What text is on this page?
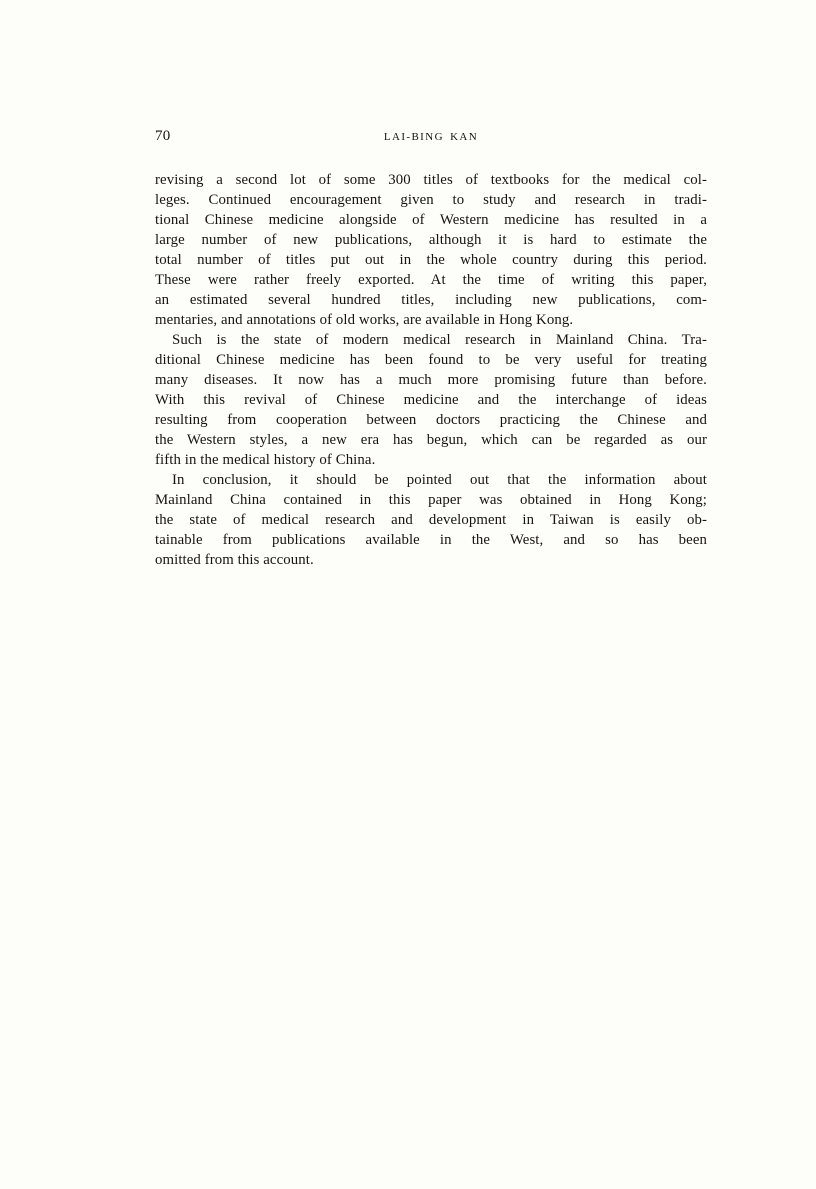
70	LAI-BING KAN
revising a second lot of some 300 titles of textbooks for the medical col-
leges. Continued encouragement given to study and research in tradi-
tional Chinese medicine alongside of Western medicine has resulted in a
large number of new publications, although it is hard to estimate the
total number of titles put out in the whole country during this period.
These were rather freely exported. At the time of writing this paper,
an estimated several hundred titles, including new publications, com-
mentaries, and annotations of old works, are available in Hong Kong.
Such is the state of modern medical research in Mainland China. Tra-
ditional Chinese medicine has been found to be very useful for treating
many diseases. It now has a much more promising future than before.
With this revival of Chinese medicine and the interchange of ideas
resulting from cooperation between doctors practicing the Chinese and
the Western styles, a new era has begun, which can be regarded as our
fifth in the medical history of China.
In conclusion, it should be pointed out that the information about
Mainland China contained in this paper was obtained in Hong Kong;
the state of medical research and development in Taiwan is easily ob-
tainable from publications available in the West, and so has been
omitted from this account.
